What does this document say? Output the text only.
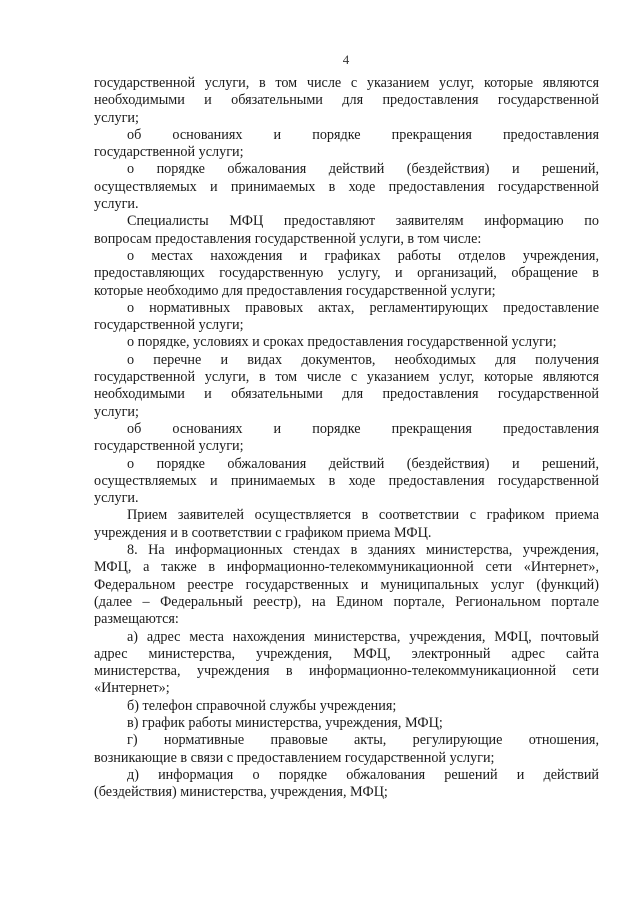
4
государственной услуги, в том числе с указанием услуг, которые являются
необходимыми и обязательными для предоставления государственной
услуги;
об основаниях и порядке прекращения предоставления
государственной услуги;
о порядке обжалования действий (бездействия) и решений,
осуществляемых и принимаемых в ходе предоставления государственной
услуги.
Специалисты МФЦ предоставляют заявителям информацию по
вопросам предоставления государственной услуги, в том числе:
о местах нахождения и графиках работы отделов учреждения,
предоставляющих государственную услугу, и организаций, обращение в
которые необходимо для предоставления государственной услуги;
о нормативных правовых актах, регламентирующих предоставление
государственной услуги;
о порядке, условиях и сроках предоставления государственной услуги;
о перечне и видах документов, необходимых для получения
государственной услуги, в том числе с указанием услуг, которые являются
необходимыми и обязательными для предоставления государственной
услуги;
об основаниях и порядке прекращения предоставления
государственной услуги;
о порядке обжалования действий (бездействия) и решений,
осуществляемых и принимаемых в ходе предоставления государственной
услуги.
Прием заявителей осуществляется в соответствии с графиком приема
учреждения и в соответствии с графиком приема МФЦ.
8. На информационных стендах в зданиях министерства, учреждения,
МФЦ, а также в информационно-телекоммуникационной сети «Интернет»,
Федеральном реестре государственных и муниципальных услуг (функций)
(далее – Федеральный реестр), на Едином портале, Региональном портале
размещаются:
а) адрес места нахождения министерства, учреждения, МФЦ, почтовый
адрес министерства, учреждения, МФЦ, электронный адрес сайта
министерства, учреждения в информационно-телекоммуникационной сети
«Интернет»;
б) телефон справочной службы учреждения;
в) график работы министерства, учреждения, МФЦ;
г) нормативные правовые акты, регулирующие отношения,
возникающие в связи с предоставлением государственной услуги;
д) информация о порядке обжалования решений и действий
(бездействия) министерства, учреждения, МФЦ;
